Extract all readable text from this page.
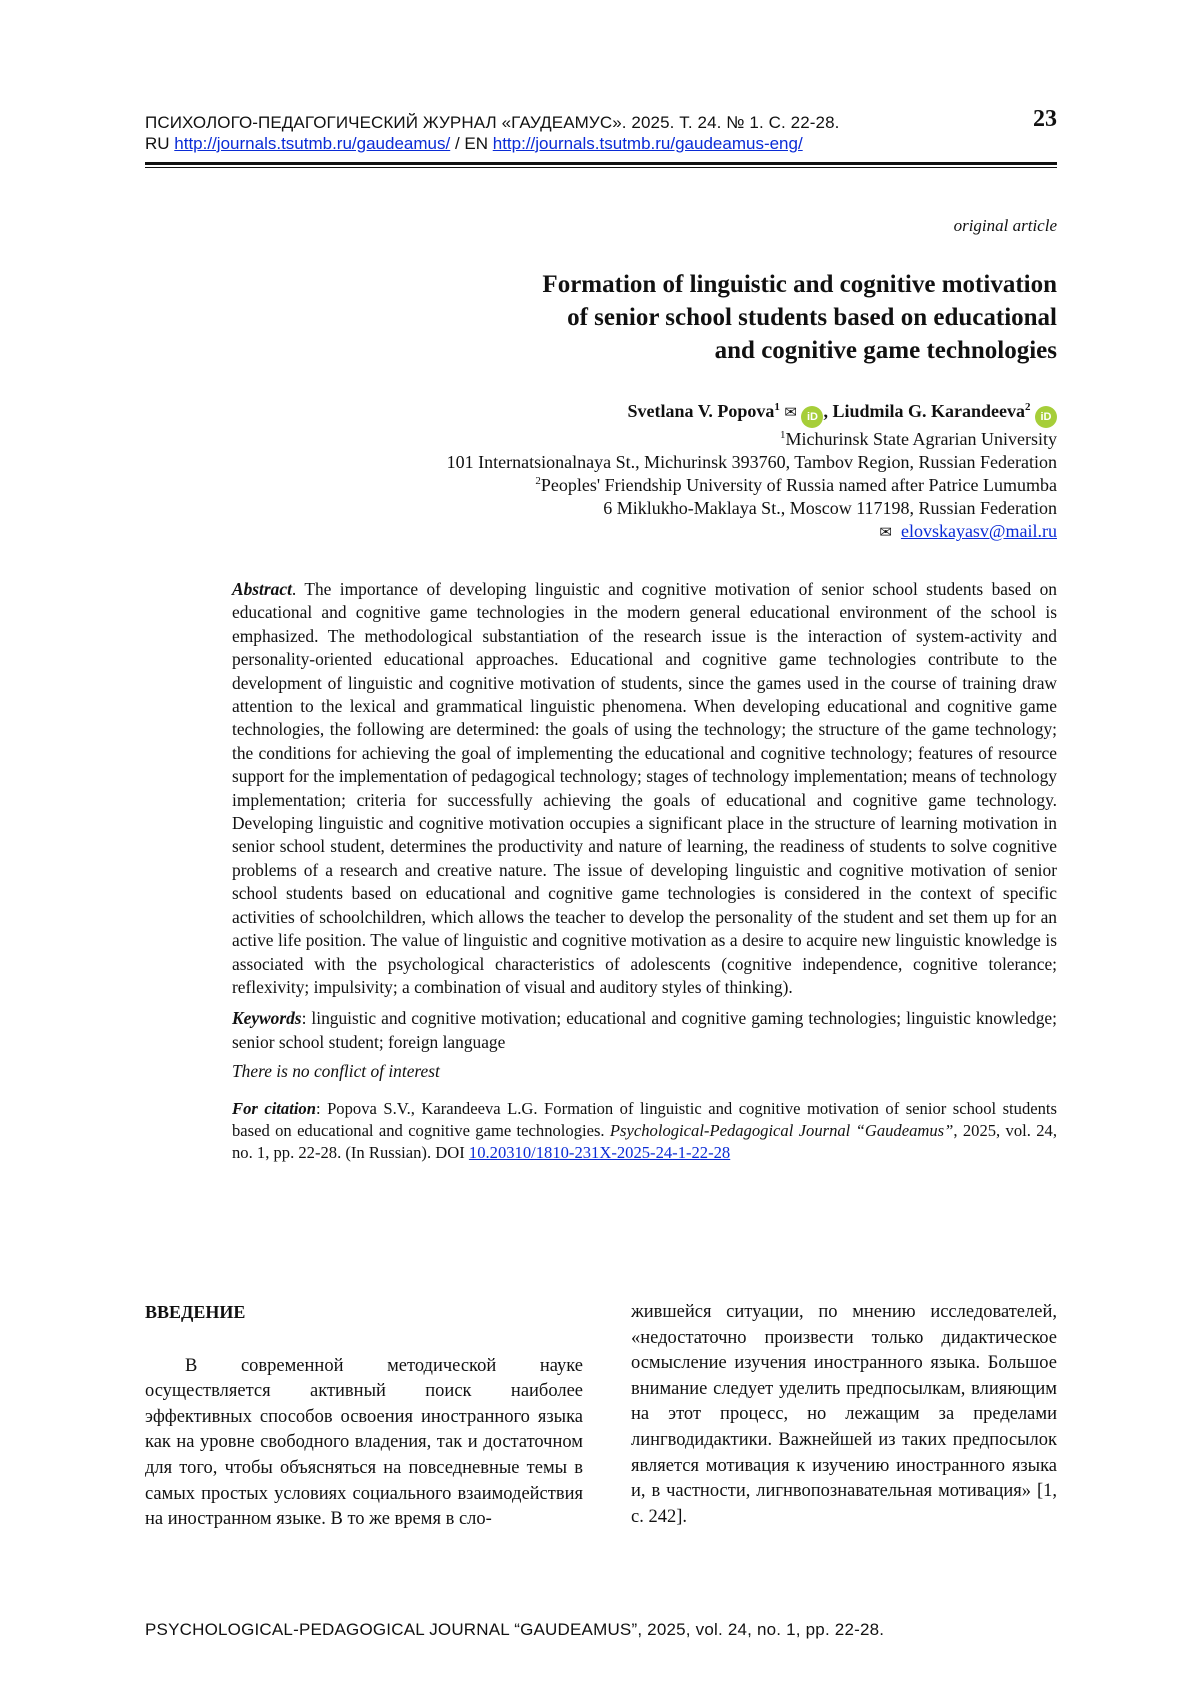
ПСИХОЛОГО-ПЕДАГОГИЧЕСКИЙ ЖУРНАЛ «ГАУДЕАМУС». 2025. Т. 24. № 1. С. 22-28.
RU http://journals.tsutmb.ru/gaudeamus/ / EN http://journals.tsutmb.ru/gaudeamus-eng/
23
original article
Formation of linguistic and cognitive motivation
of senior school students based on educational
and cognitive game technologies
Svetlana V. Popova$^1$ ✉ iD , Liudmila G. Karandeeva$^2$ iD
$^1$Michurinsk State Agrarian University
101 Internatsionalnaya St., Michurinsk 393760, Tambov Region, Russian Federation
$^2$Peoples' Friendship University of Russia named after Patrice Lumumba
6 Miklukho-Maklaya St., Moscow 117198, Russian Federation
✉ elovskayasv@mail.ru

Abstract. The importance of developing linguistic and cognitive motivation of senior school students based on educational and cognitive game technologies in the modern general educational environment of the school is emphasized. The methodological substantiation of the research issue is the interaction of system-activity and personality-oriented educational approaches. Educational and cognitive game technologies contribute to the development of linguistic and cognitive motivation of students, since the games used in the course of training draw attention to the lexical and grammatical linguistic phenomena. When developing educational and cognitive game technologies, the following are determined: the goals of using the technology; the structure of the game technology; the conditions for achieving the goal of implementing the educational and cognitive technology; features of resource support for the implementation of pedagogical technology; stages of technology implementation; means of technology implementation; criteria for successfully achieving the goals of educational and cognitive game technology. Developing linguistic and cognitive motivation occupies a significant place in the structure of learning motivation in senior school student, determines the productivity and nature of learning, the readiness of students to solve cognitive problems of a research and creative nature. The issue of developing linguistic and cognitive motivation of senior school students based on educational and cognitive game technologies is considered in the context of specific activities of schoolchildren, which allows the teacher to develop the personality of the student and set them up for an active life position. The value of linguistic and cognitive motivation as a desire to acquire new linguistic knowledge is associated with the psychological characteristics of adolescents (cognitive independence, cognitive tolerance; reflexivity; impulsivity; a combination of visual and auditory styles of thinking).

Keywords: linguistic and cognitive motivation; educational and cognitive gaming technologies; linguistic knowledge; senior school student; foreign language

There is no conflict of interest

For citation: Popova S.V., Karandeeva L.G. Formation of linguistic and cognitive motivation of senior school students based on educational and cognitive game technologies. Psychological-Pedagogical Journal “Gaudeamus”, 2025, vol. 24, no. 1, pp. 22-28. (In Russian). DOI 10.20310/1810-231X-2025-24-1-22-28

ВВЕДЕНИЕ

В современной методической науке осуществляется активный поиск наиболее эффективных способов освоения иностранного языка как на уровне свободного владения, так и достаточном для того, чтобы объясняться на повседневные темы в самых простых условиях социального взаимодействия на иностранном языке. В то же время в сло-

жившейся ситуации, по мнению исследователей, «недостаточно произвести только дидактическое осмысление изучения иностранного языка. Большое внимание следует уделить предпосылкам, влияющим на этот процесс, но лежащим за пределами лингводидактики. Важнейшей из таких предпосылок является мотивация к изучению иностранного языка и, в частности, лигнвопознавательная мотивация» [1, с. 242].

PSYCHOLOGICAL-PEDAGOGICAL JOURNAL “GAUDEAMUS”, 2025, vol. 24, no. 1, pp. 22-28.
